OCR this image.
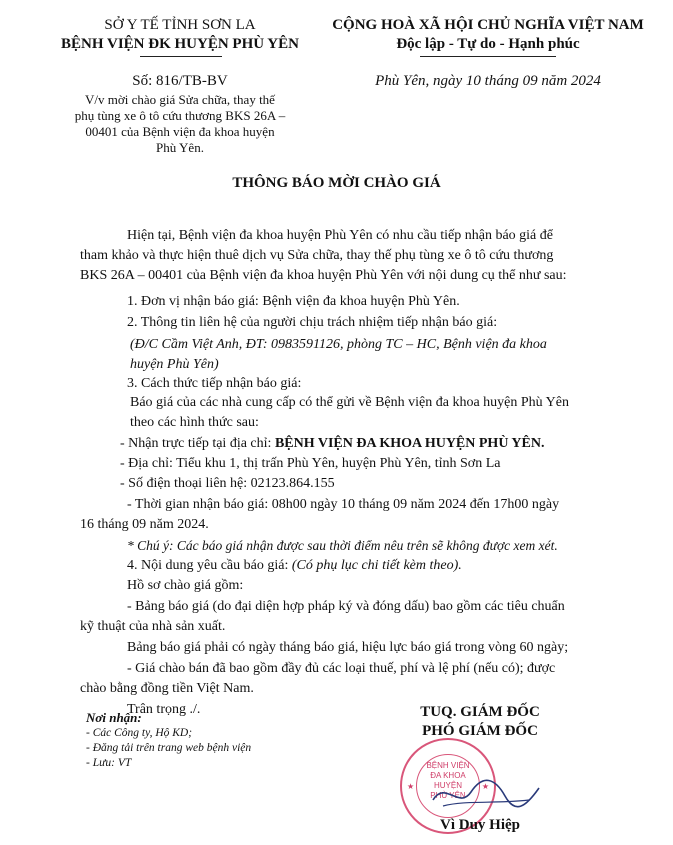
SỞ Y TẾ TỈNH SƠN LA
BỆNH VIỆN ĐK HUYỆN PHÙ YÊN
Số: 816/TB-BV
V/v mời chào giá Sửa chữa, thay thế
phụ tùng xe ô tô cứu thương BKS 26A –
00401 của Bệnh viện đa khoa huyện
Phù Yên.
CỘNG HOÀ XÃ HỘI CHỦ NGHĨA VIỆT NAM
Độc lập - Tự do - Hạnh phúc
Phù Yên, ngày 10 tháng 09 năm 2024
THÔNG BÁO MỜI CHÀO GIÁ
Hiện tại, Bệnh viện đa khoa huyện Phù Yên có nhu cầu tiếp nhận báo giá để
tham khảo và thực hiện thuê dịch vụ Sửa chữa, thay thế phụ tùng xe ô tô cứu thương
BKS 26A – 00401 của Bệnh viện đa khoa huyện Phù Yên với nội dung cụ thể như sau:
1. Đơn vị nhận báo giá: Bệnh viện đa khoa huyện Phù Yên.
2. Thông tin liên hệ của người chịu trách nhiệm tiếp nhận báo giá:
(Đ/C Cầm Việt Anh, ĐT: 0983591126, phòng TC – HC, Bệnh viện đa khoa
huyện Phù Yên)
3. Cách thức tiếp nhận báo giá:
Báo giá của các nhà cung cấp có thể gửi về Bệnh viện đa khoa huyện Phù Yên
theo các hình thức sau:
- Nhận trực tiếp tại địa chỉ: BỆNH VIỆN ĐA KHOA HUYỆN PHÙ YÊN.
- Địa chỉ: Tiểu khu 1, thị trấn Phù Yên, huyện Phù Yên, tỉnh Sơn La
- Số điện thoại liên hệ: 02123.864.155
- Thời gian nhận báo giá: 08h00 ngày 10 tháng 09 năm 2024 đến 17h00 ngày
16 tháng 09 năm 2024.
* Chú ý: Các báo giá nhận được sau thời điểm nêu trên sẽ không được xem xét.
4. Nội dung yêu cầu báo giá: (Có phụ lục chi tiết kèm theo).
Hồ sơ chào giá gồm:
- Bảng báo giá (do đại diện hợp pháp ký và đóng dấu) bao gồm các tiêu chuẩn
kỹ thuật của nhà sản xuất.
Bảng báo giá phải có ngày tháng báo giá, hiệu lực báo giá trong vòng 60 ngày;
- Giá chào bán đã bao gồm đầy đủ các loại thuế, phí và lệ phí (nếu có); được
chào bằng đồng tiền Việt Nam.
Trân trọng ./.
Nơi nhận:
- Các Công ty, Hộ KD;
- Đăng tải trên trang web bệnh viện
- Lưu: VT
TUQ. GIÁM ĐỐC
PHÓ GIÁM ĐỐC
BỆNH VIỆN
ĐA KHOA
HUYỆN
PHÙ YÊN
★	★
Vì Duy Hiệp
